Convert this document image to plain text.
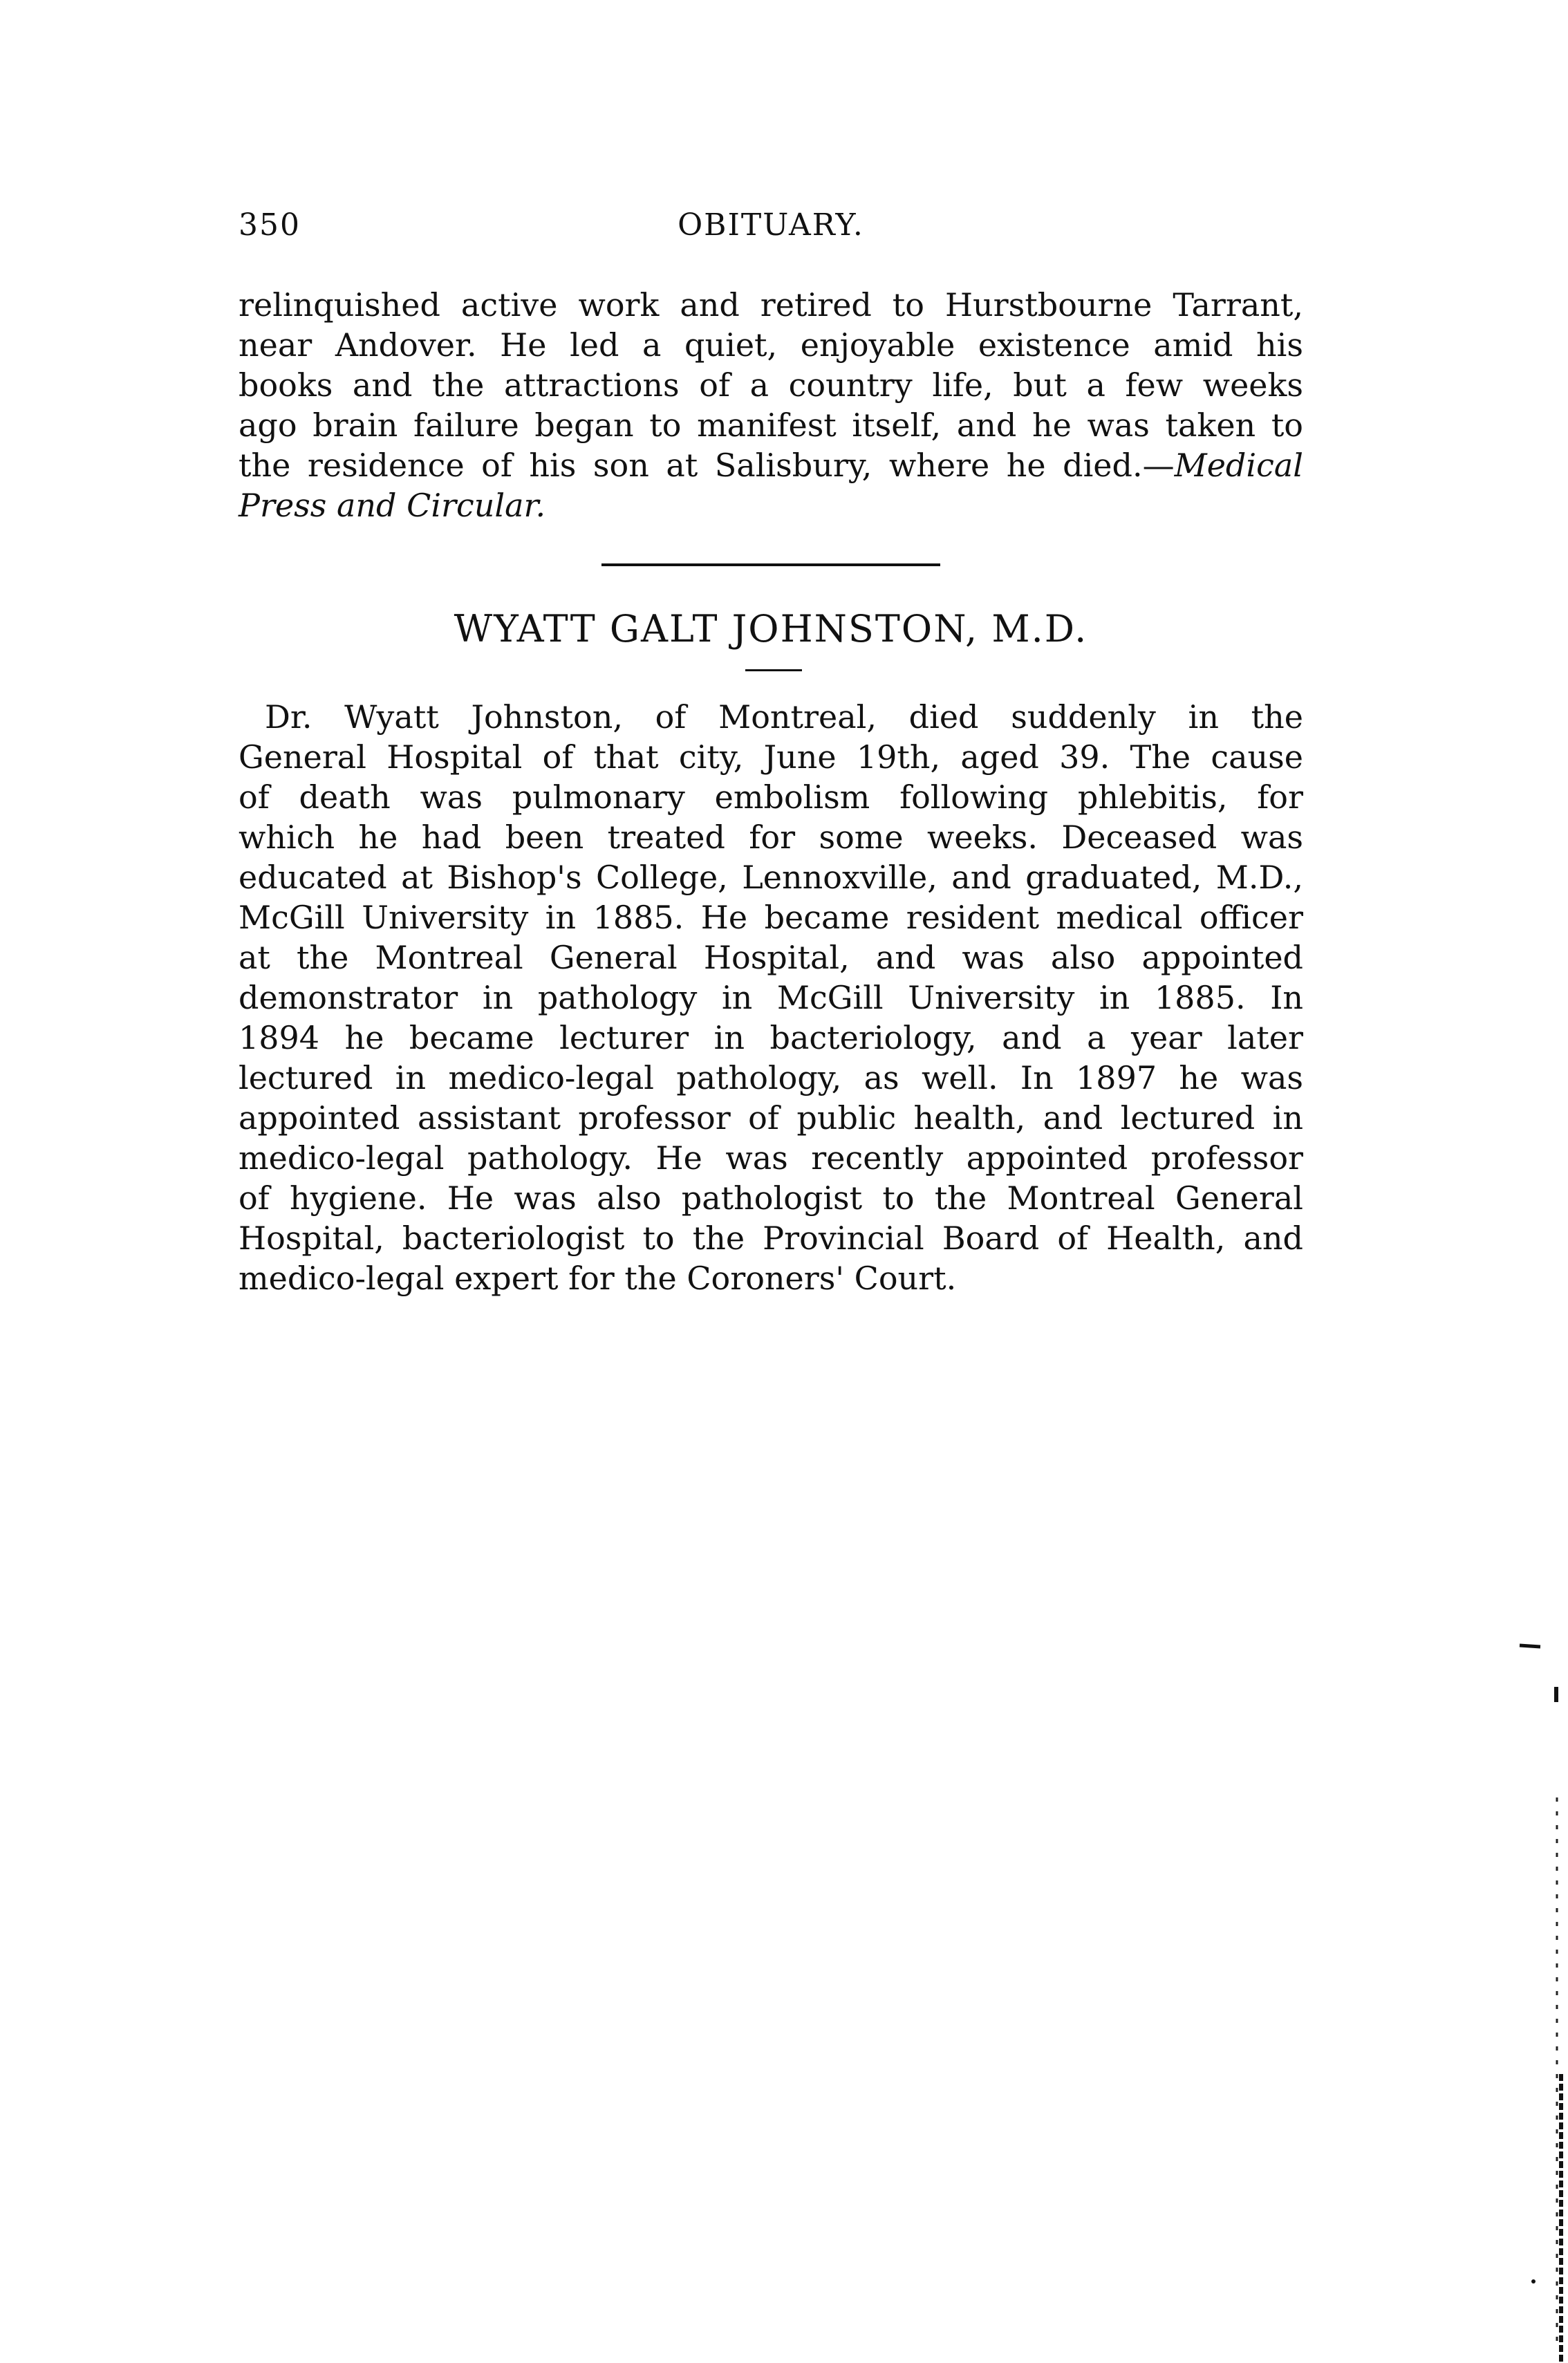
350	OBITUARY.
relinquished active work and retired to Hurstbourne Tarrant,
near Andover. He led a quiet, enjoyable existence amid his
books and the attractions of a country life, but a few weeks
ago brain failure began to manifest itself, and he was taken to
the residence of his son at Salisbury, where he died.—Medical
Press and Circular.
WYATT GALT JOHNSTON, M.D.
Dr. Wyatt Johnston, of Montreal, died suddenly in the
General Hospital of that city, June 19th, aged 39. The cause
of death was pulmonary embolism following phlebitis, for
which he had been treated for some weeks. Deceased was
educated at Bishop's College, Lennoxville, and graduated, M.D.,
McGill University in 1885. He became resident medical officer
at the Montreal General Hospital, and was also appointed
demonstrator in pathology in McGill University in 1885. In
1894 he became lecturer in bacteriology, and a year later
lectured in medico-legal pathology, as well. In 1897 he was
appointed assistant professor of public health, and lectured in
medico-legal pathology. He was recently appointed professor
of hygiene. He was also pathologist to the Montreal General
Hospital, bacteriologist to the Provincial Board of Health, and
medico-legal expert for the Coroners' Court.
